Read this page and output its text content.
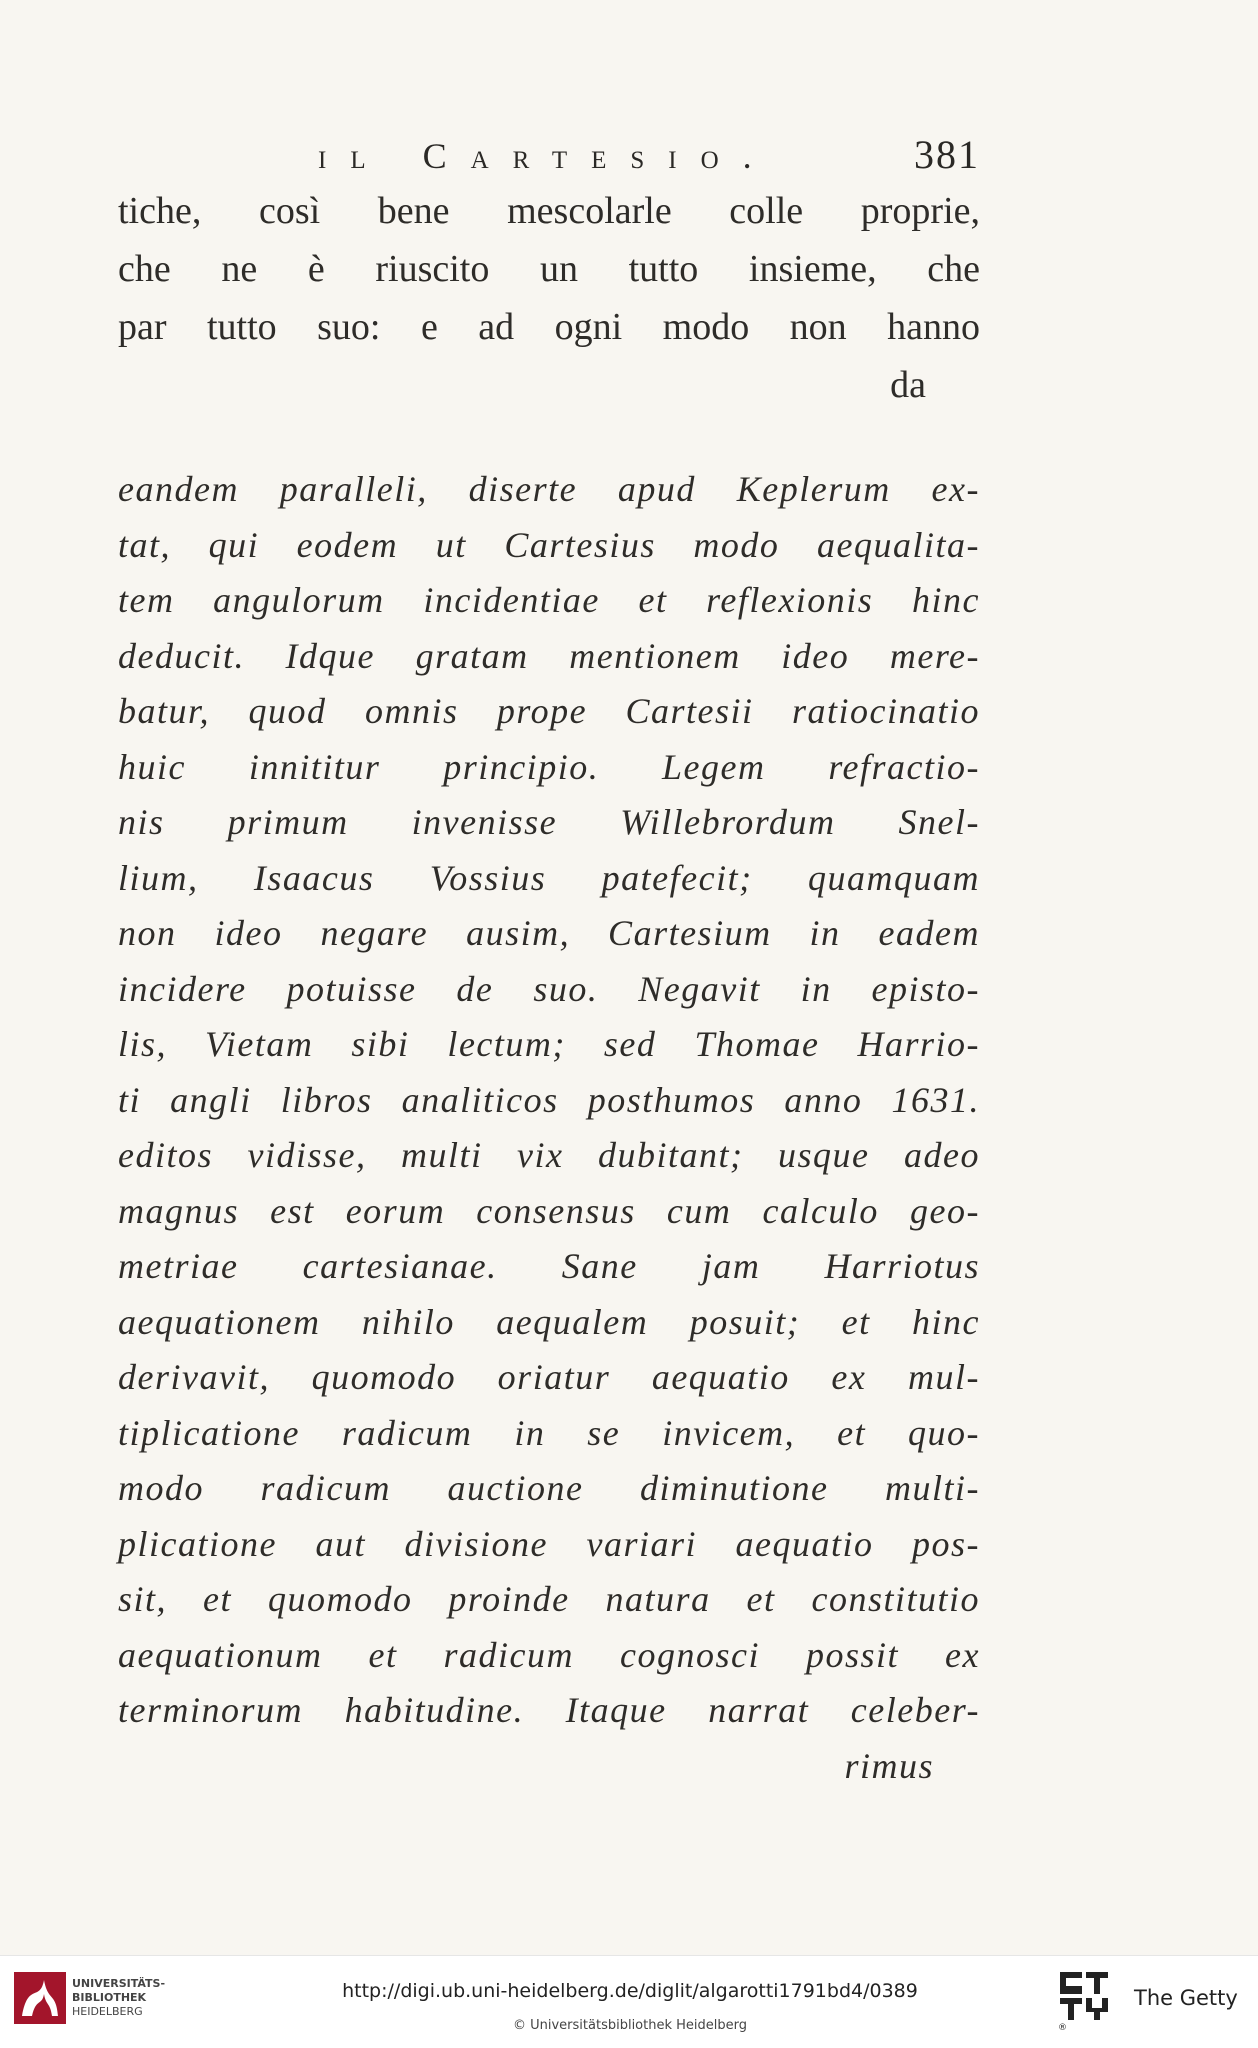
il Cartesio.	381
tiche, così bene mescolarle colle proprie,
che ne è riuscito un tutto insieme, che
par tutto suo: e ad ogni modo non hanno
da
eandem paralleli, diserte apud Keplerum ex-
tat, qui eodem ut Cartesius modo aequalita-
tem angulorum incidentiae et reflexionis hinc
deducit. Idque gratam mentionem ideo mere-
batur, quod omnis prope Cartesii ratiocinatio
huic innititur principio. Legem refractio-
nis primum invenisse Willebrordum Snel-
lium, Isaacus Vossius patefecit; quamquam
non ideo negare ausim, Cartesium in eadem
incidere potuisse de suo. Negavit in episto-
lis, Vietam sibi lectum; sed Thomae Harrio-
ti angli libros analiticos posthumos anno 1631.
editos vidisse, multi vix dubitant; usque adeo
magnus est eorum consensus cum calculo geo-
metriae cartesianae. Sane jam Harriotus
aequationem nihilo aequalem posuit; et hinc
derivavit, quomodo oriatur aequatio ex mul-
tiplicatione radicum in se invicem, et quo-
modo radicum auctione diminutione multi-
plicatione aut divisione variari aequatio pos-
sit, et quomodo proinde natura et constitutio
aequationum et radicum cognosci possit ex
terminorum habitudine. Itaque narrat celeber-
rimus
UNIVERSITÄTS-
BIBLIOTHEK
HEIDELBERG
http://digi.ub.uni-heidelberg.de/diglit/algarotti1791bd4/0389
© Universitätsbibliothek Heidelberg	®
The Getty
